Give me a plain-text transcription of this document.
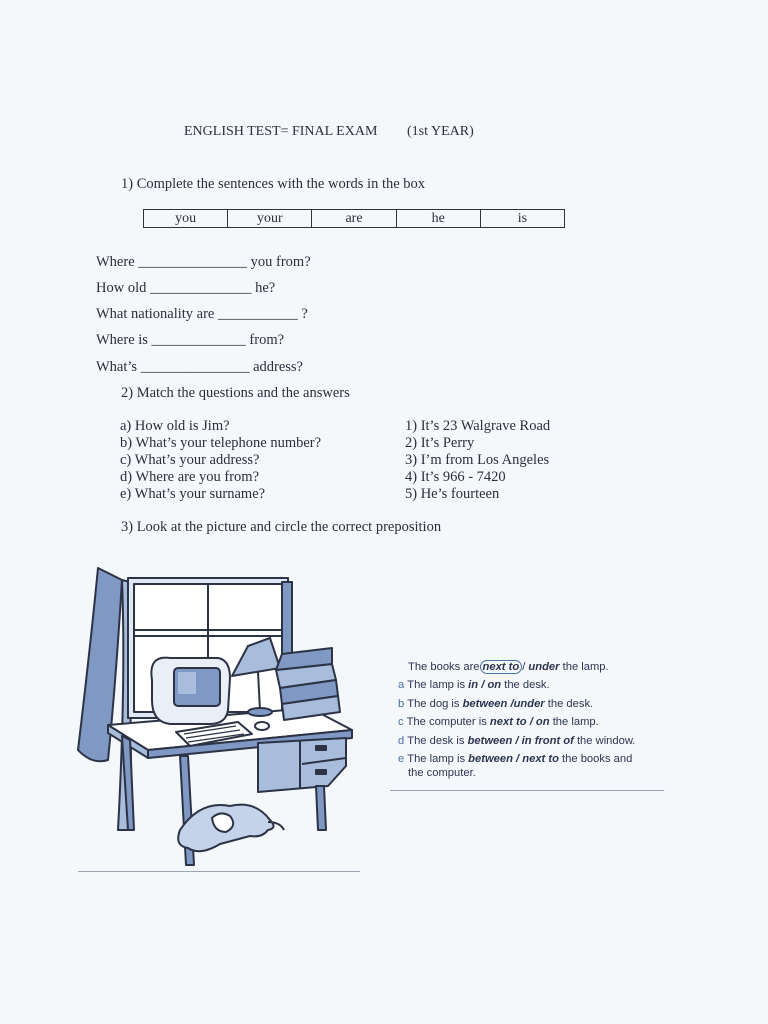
ENGLISH TEST= FINAL EXAM (1st YEAR)
1) Complete the sentences with the words in the box
you	your	are	he	is
Where _______________ you from?
How old ______________ he?
What nationality are ___________ ?
Where is _____________ from?
What’s _______________ address?
2) Match the questions and the answers
a) How old is Jim?
b) What’s your telephone number?
c) What’s your address?
d) Where are you from?
e) What’s your surname?
1) It’s 23 Walgrave Road
2) It’s Perry
3) I’m from Los Angeles
4) It’s 966 - 7420
5) He’s fourteen
3) Look at the picture and circle the correct preposition
The books are next to / under the lamp.
a The lamp is in / on the desk.
b The dog is between /under the desk.
c The computer is next to / on the lamp.
d The desk is between / in front of the window.
e The lamp is between / next to the books and
the computer.
